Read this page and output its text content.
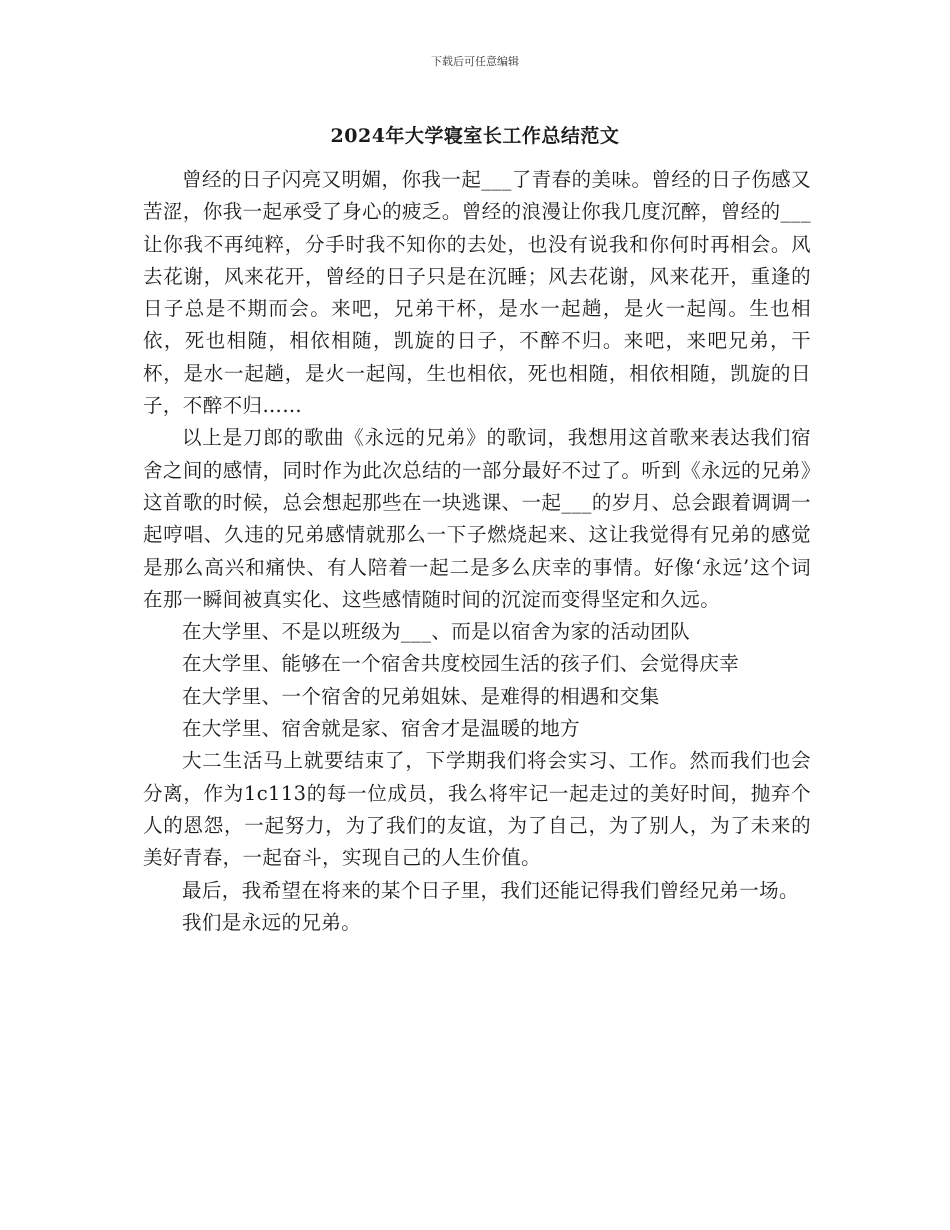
下载后可任意编辑
2024年大学寝室长工作总结范文

曾经的日子闪亮又明媚，你我一起___了青春的美味。曾经的日子伤感又苦涩，你我一起承受了身心的疲乏。曾经的浪漫让你我几度沉醉，曾经的___让你我不再纯粹，分手时我不知你的去处，也没有说我和你何时再相会。风去花谢，风来花开，曾经的日子只是在沉睡；风去花谢，风来花开，重逢的日子总是不期而会。来吧，兄弟干杯，是水一起趟，是火一起闯。生也相依，死也相随，相依相随，凯旋的日子，不醉不归。来吧，来吧兄弟，干杯，是水一起趟，是火一起闯，生也相依，死也相随，相依相随，凯旋的日子，不醉不归……

以上是刀郎的歌曲《永远的兄弟》的歌词，我想用这首歌来表达我们宿舍之间的感情，同时作为此次总结的一部分最好不过了。听到《永远的兄弟》这首歌的时候，总会想起那些在一块逃课、一起___的岁月、总会跟着调调一起哼唱、久违的兄弟感情就那么一下子燃烧起来、这让我觉得有兄弟的感觉是那么高兴和痛快、有人陪着一起二是多么庆幸的事情。好像‘永远’这个词在那一瞬间被真实化、这些感情随时间的沉淀而变得坚定和久远。

在大学里、不是以班级为___、而是以宿舍为家的活动团队

在大学里、能够在一个宿舍共度校园生活的孩子们、会觉得庆幸

在大学里、一个宿舍的兄弟姐妹、是难得的相遇和交集

在大学里、宿舍就是家、宿舍才是温暖的地方

大二生活马上就要结束了，下学期我们将会实习、工作。然而我们也会分离，作为1c113的每一位成员，我么将牢记一起走过的美好时间，抛弃个人的恩怨，一起努力，为了我们的友谊，为了自己，为了别人，为了未来的美好青春，一起奋斗，实现自己的人生价值。

最后，我希望在将来的某个日子里，我们还能记得我们曾经兄弟一场。

我们是永远的兄弟。
